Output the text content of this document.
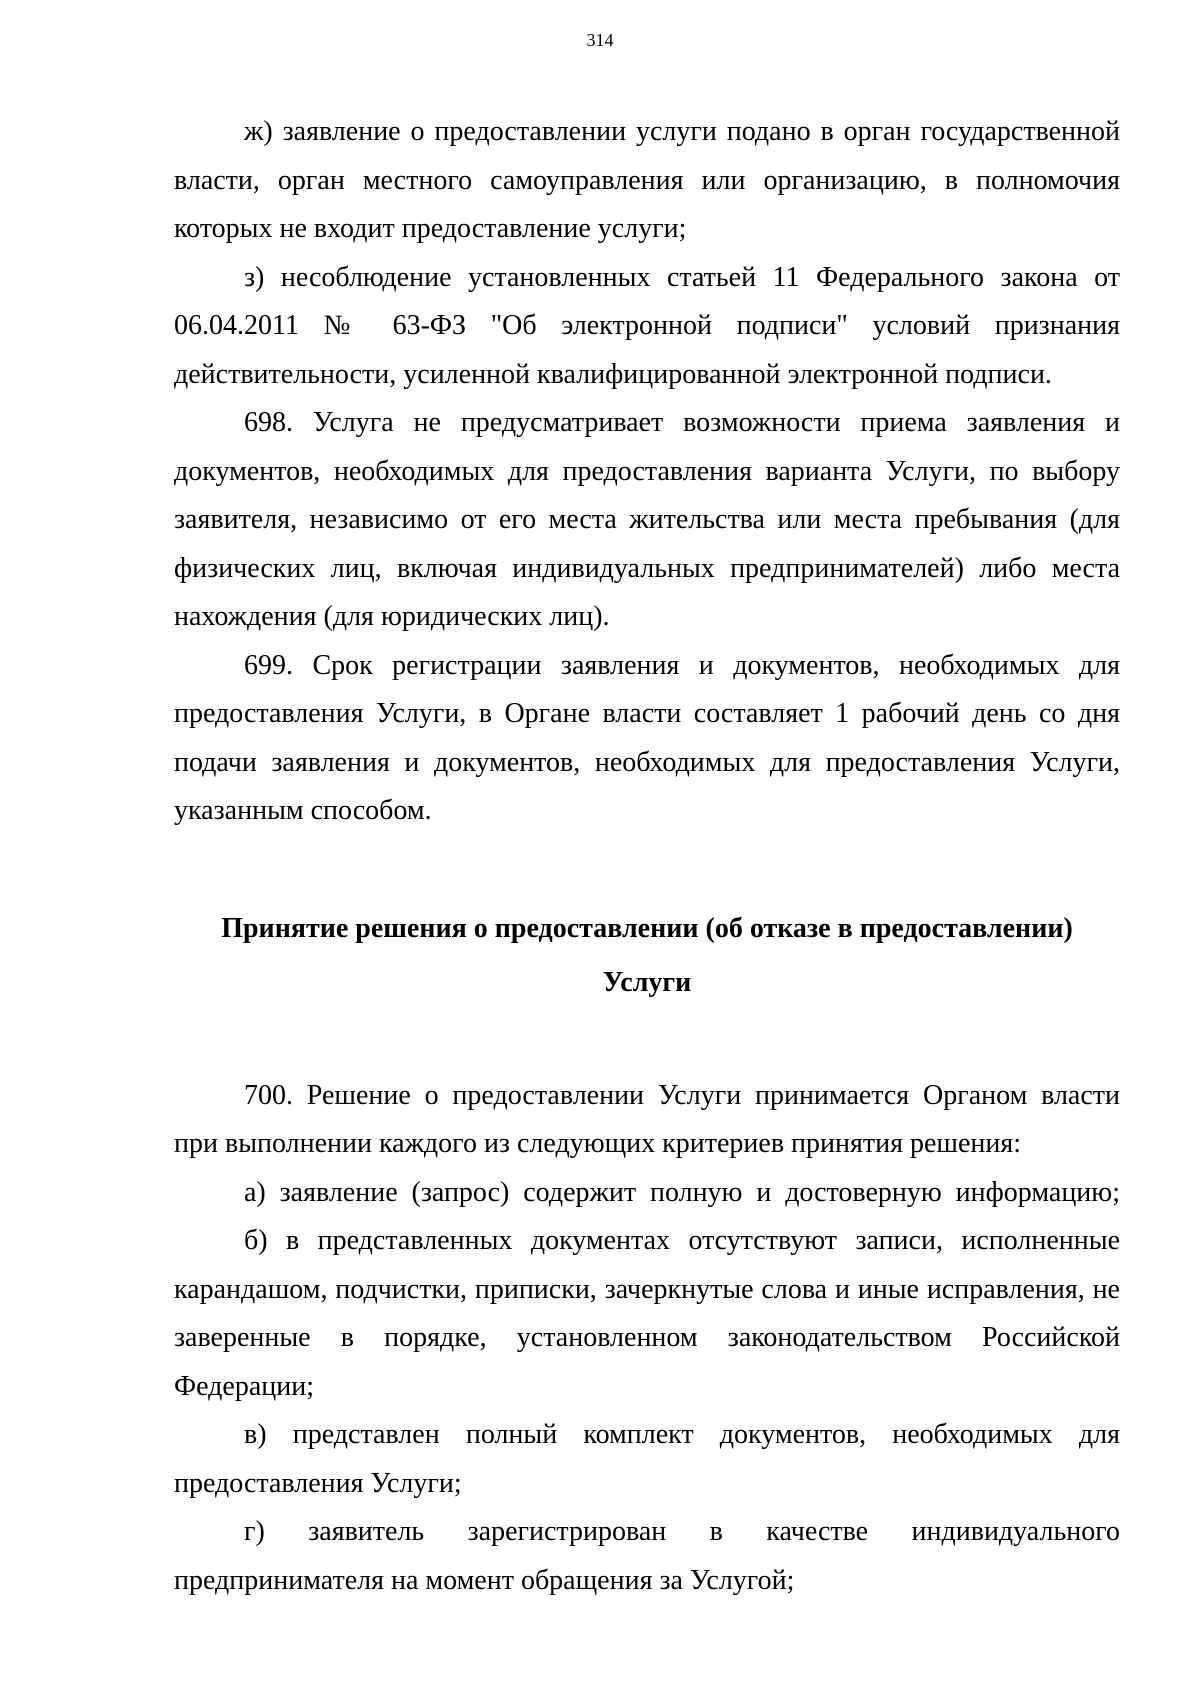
314

ж) заявление о предоставлении услуги подано в орган государственной власти, орган местного самоуправления или организацию, в полномочия которых не входит предоставление услуги;

з) несоблюдение установленных статьей 11 Федерального закона от 06.04.2011 № 63-ФЗ "Об электронной подписи" условий признания действительности, усиленной квалифицированной электронной подписи.

698. Услуга не предусматривает возможности приема заявления и документов, необходимых для предоставления варианта Услуги, по выбору заявителя, независимо от его места жительства или места пребывания (для физических лиц, включая индивидуальных предпринимателей) либо места нахождения (для юридических лиц).

699. Срок регистрации заявления и документов, необходимых для предоставления Услуги, в Органе власти составляет 1 рабочий день со дня подачи заявления и документов, необходимых для предоставления Услуги, указанным способом.

Принятие решения о предоставлении (об отказе в предоставлении) Услуги

700. Решение о предоставлении Услуги принимается Органом власти при выполнении каждого из следующих критериев принятия решения:

а) заявление (запрос) содержит полную и достоверную информацию;

б) в представленных документах отсутствуют записи, исполненные карандашом, подчистки, приписки, зачеркнутые слова и иные исправления, не заверенные в порядке, установленном законодательством Российской Федерации;

в) представлен полный комплект документов, необходимых для предоставления Услуги;

г) заявитель зарегистрирован в качестве индивидуального предпринимателя на момент обращения за Услугой;
